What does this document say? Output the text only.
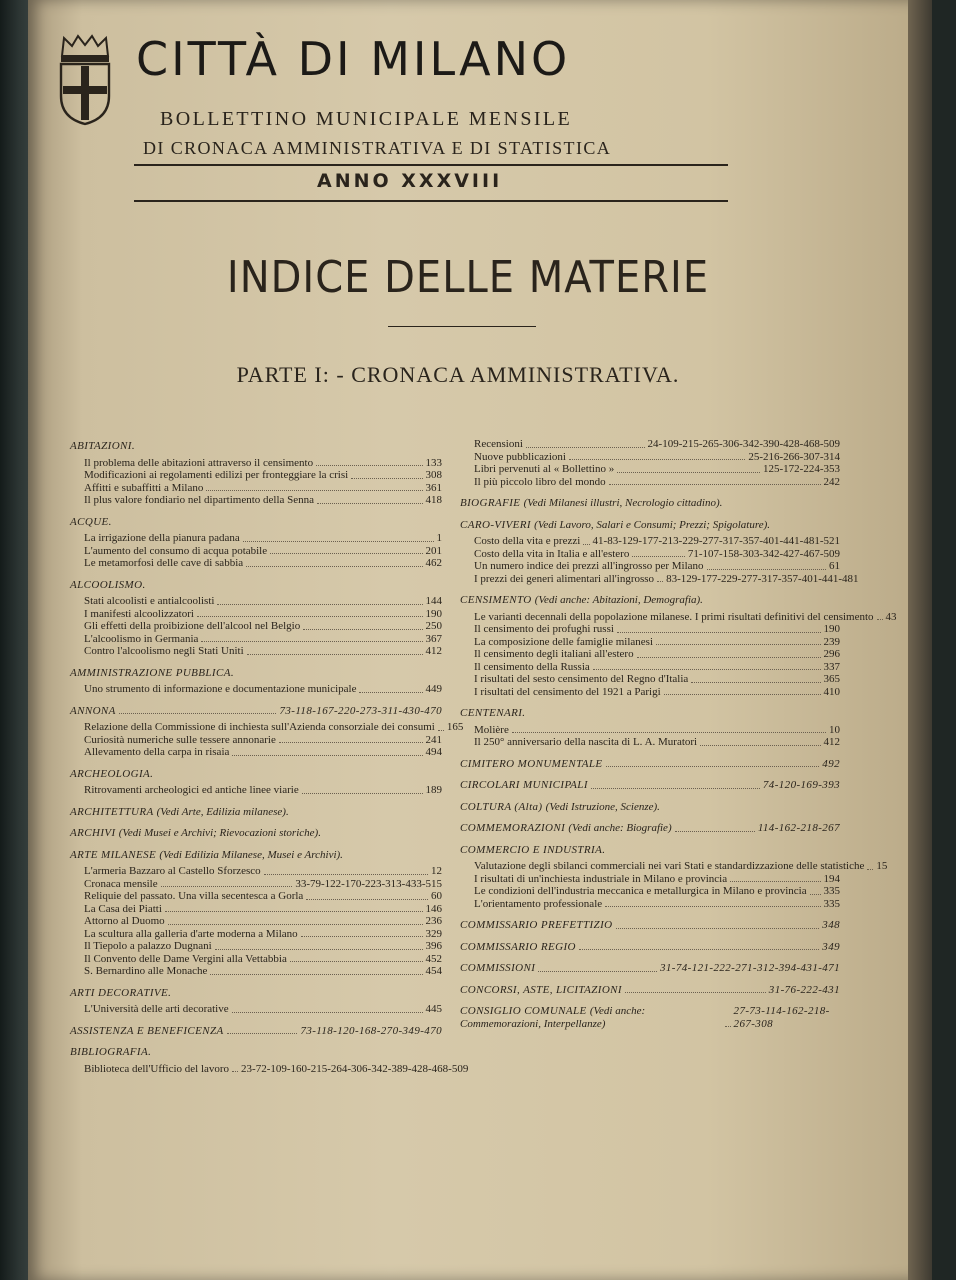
CITTÀ DI MILANO
BOLLETTINO MUNICIPALE MENSILE
DI CRONACA AMMINISTRATIVA E DI STATISTICA
ANNO XXXVIII
INDICE DELLE MATERIE
PARTE I: - CRONACA AMMINISTRATIVA.
ABITAZIONI.
Il problema delle abitazioni attraverso il censimento	133
Modificazioni ai regolamenti edilizi per fronteggiare la crisi	308
Affitti e subaffitti a Milano	361
Il plus valore fondiario nel dipartimento della Senna	418
ACQUE.
La irrigazione della pianura padana	1
L'aumento del consumo di acqua potabile	201
Le metamorfosi delle cave di sabbia	462
ALCOOLISMO.
Stati alcoolisti e antialcoolisti	144
I manifesti alcoolizzatori	190
Gli effetti della proibizione dell'alcool nel Belgio	250
L'alcoolismo in Germania	367
Contro l'alcoolismo negli Stati Uniti	412
AMMINISTRAZIONE PUBBLICA.
Uno strumento di informazione e documentazione municipale	449
ANNONA	73-118-167-220-273-311-430-470
Relazione della Commissione di inchiesta sull'Azienda consorziale dei consumi 165
Curiosità numeriche sulle tessere annonarie	241
Allevamento della carpa in risaia	494
ARCHEOLOGIA.
Ritrovamenti archeologici ed antiche linee viarie	189
ARCHITETTURA (Vedi Arte, Edilizia milanese).
ARCHIVI (Vedi Musei e Archivi; Rievocazioni storiche).
ARTE MILANESE (Vedi Edilizia Milanese, Musei e Archivi).
L'armeria Bazzaro al Castello Sforzesco	12
Cronaca mensile	33-79-122-170-223-313-433-515
Reliquie del passato. Una villa secentesca a Gorla	60
La Casa dei Piatti	146
Attorno al Duomo	236
La scultura alla galleria d'arte moderna a Milano	329
Il Tiepolo a palazzo Dugnani	396
Il Convento delle Dame Vergini alla Vettabbia	452
S. Bernardino alle Monache	454
ARTI DECORATIVE.
L'Università delle arti decorative	445
ASSISTENZA E BENEFICENZA	73-118-120-168-270-349-470
BIBLIOGRAFIA.
Biblioteca dell'Ufficio del lavoro 23-72-109-160-215-264-306-342-389-428-468-509
Recensioni	24-109-215-265-306-342-390-428-468-509
Nuove pubblicazioni	25-216-266-307-314
Libri pervenuti al « Bollettino »	125-172-224-353
Il più piccolo libro del mondo	242
BIOGRAFIE (Vedi Milanesi illustri, Necrologio cittadino).
CARO-VIVERI (Vedi Lavoro, Salari e Consumi; Prezzi; Spigolature).
Costo della vita e prezzi 41-83-129-177-213-229-277-317-357-401-441-481-521
Costo della vita in Italia e all'estero	71-107-158-303-342-427-467-509
Un numero indice dei prezzi all'ingrosso per Milano	61
I prezzi dei generi alimentari all'ingrosso 83-129-177-229-277-317-357-401-441-481
CENSIMENTO (Vedi anche: Abitazioni, Demografia).
Le varianti decennali della popolazione milanese. I primi risultati definitivi del censimento 43
Il censimento dei profughi russi	190
La composizione delle famiglie milanesi	239
Il censimento degli italiani all'estero	296
Il censimento della Russia	337
I risultati del sesto censimento del Regno d'Italia	365
I risultati del censimento del 1921 a Parigi	410
CENTENARI.
Molière	10
Il 250° anniversario della nascita di L. A. Muratori	412
CIMITERO MONUMENTALE	492
CIRCOLARI MUNICIPALI	74-120-169-393
COLTURA (Alta) (Vedi Istruzione, Scienze).
COMMEMORAZIONI (Vedi anche: Biografie)	114-162-218-267
COMMERCIO E INDUSTRIA.
Valutazione degli sbilanci commerciali nei vari Stati e standardizzazione delle statistiche 15
I risultati di un'inchiesta industriale in Milano e provincia	194
Le condizioni dell'industria meccanica e metallurgica in Milano e provincia 335
L'orientamento professionale	335
COMMISSARIO PREFETTIZIO	348
COMMISSARIO REGIO	349
COMMISSIONI	31-74-121-222-271-312-394-431-471
CONCORSI, ASTE, LICITAZIONI	31-76-222-431
CONSIGLIO COMUNALE (Vedi anche: Commemorazioni, Interpellanze)
27-73-114-162-218-267-308
